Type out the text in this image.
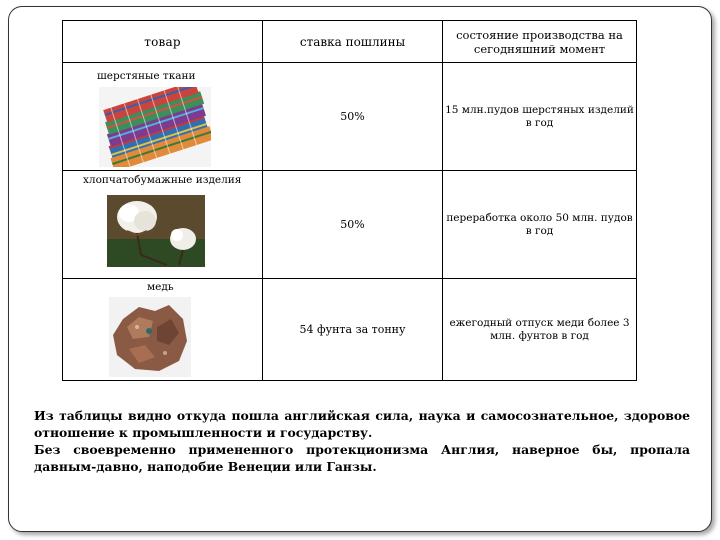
товар	ставка пошлины	состояние производства на сегодняшний момент

шерстяные ткани	50%	15 млн.пудов шерстяных изделий в год

хлопчатобумажные изделия	50%	переработка около 50 млн. пудов в год

медь	54 фунта за тонну	ежегодный отпуск меди более 3 млн. фунтов в год

Из таблицы видно откуда пошла английская сила, наука и самосознательное, здоровое отношение к промышленности и государству.

Без своевременно примененного протекционизма Англия, наверное бы, пропала давным-давно, наподобие Венеции или Ганзы.
